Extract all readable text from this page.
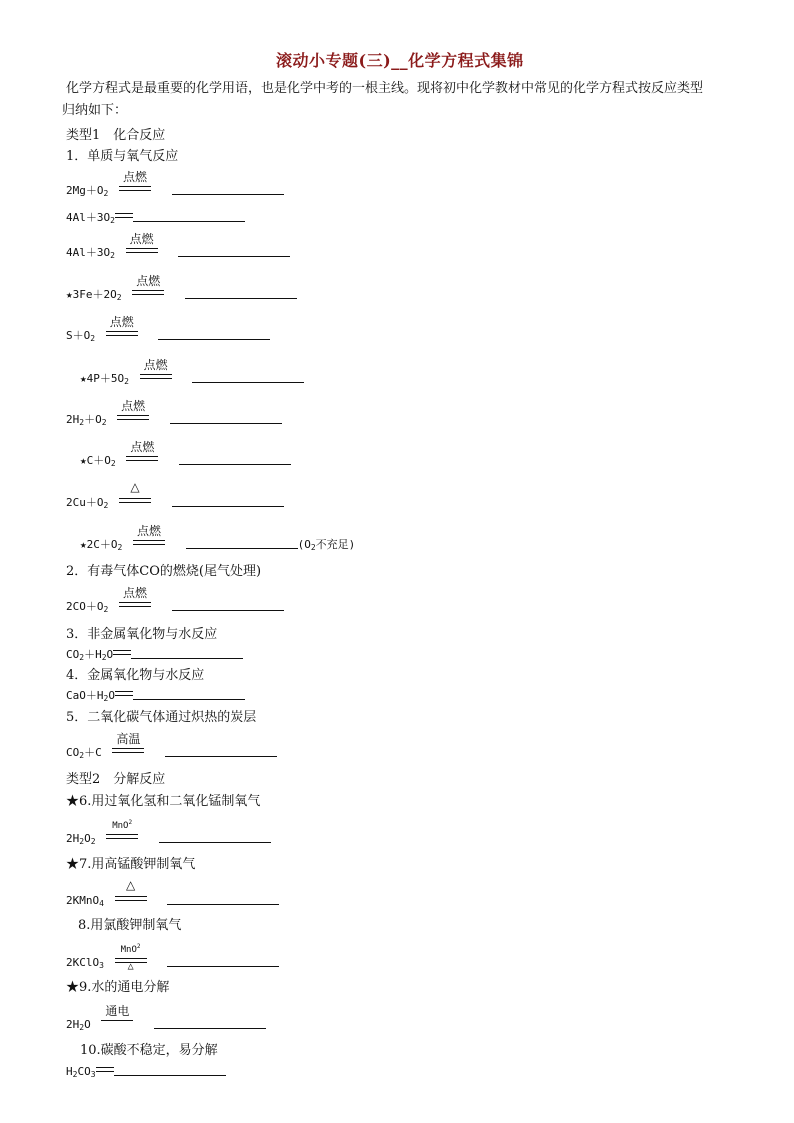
滚动小专题(三)__化学方程式集锦
化学方程式是最重要的化学用语，也是化学中考的一根主线。现将初中化学教材中常见的化学方程式按反应类型
归纳如下：
类型1　化合反应
1．单质与氧气反应
$2Mg+O_2$
点燃

$4Al+3O_2$
$4Al+3O_2$
点燃

$★3Fe+2O_2$
点燃

$S+O_2$
点燃

$★4P+5O_2$
点燃

$2H_2+O_2$
点燃

$★C+O_2$
点燃

$2Cu+O_2$
△

$★2C+O_2$
点燃
($O_2$不充足)
2．有毒气体CO的燃烧(尾气处理)
$2CO+O_2$
点燃

3．非金属氧化物与水反应
$CO_2+H_2O$
4．金属氧化物与水反应
$CaO+H_2O$
5．二氧化碳气体通过炽热的炭层
$CO_2+C$
高温

类型2　分解反应
★6.用过氧化氢和二氧化锰制氧气
$2H_2O_2$
MnO$^2$

★7.用高锰酸钾制氧气
2KMnO$_4$
△

8.用氯酸钾制氧气
2KClO$_3$
MnO$^2$
△

★9.水的通电分解
$2H_2O$
通电

10.碳酸不稳定，易分解
$H_2CO_3$
